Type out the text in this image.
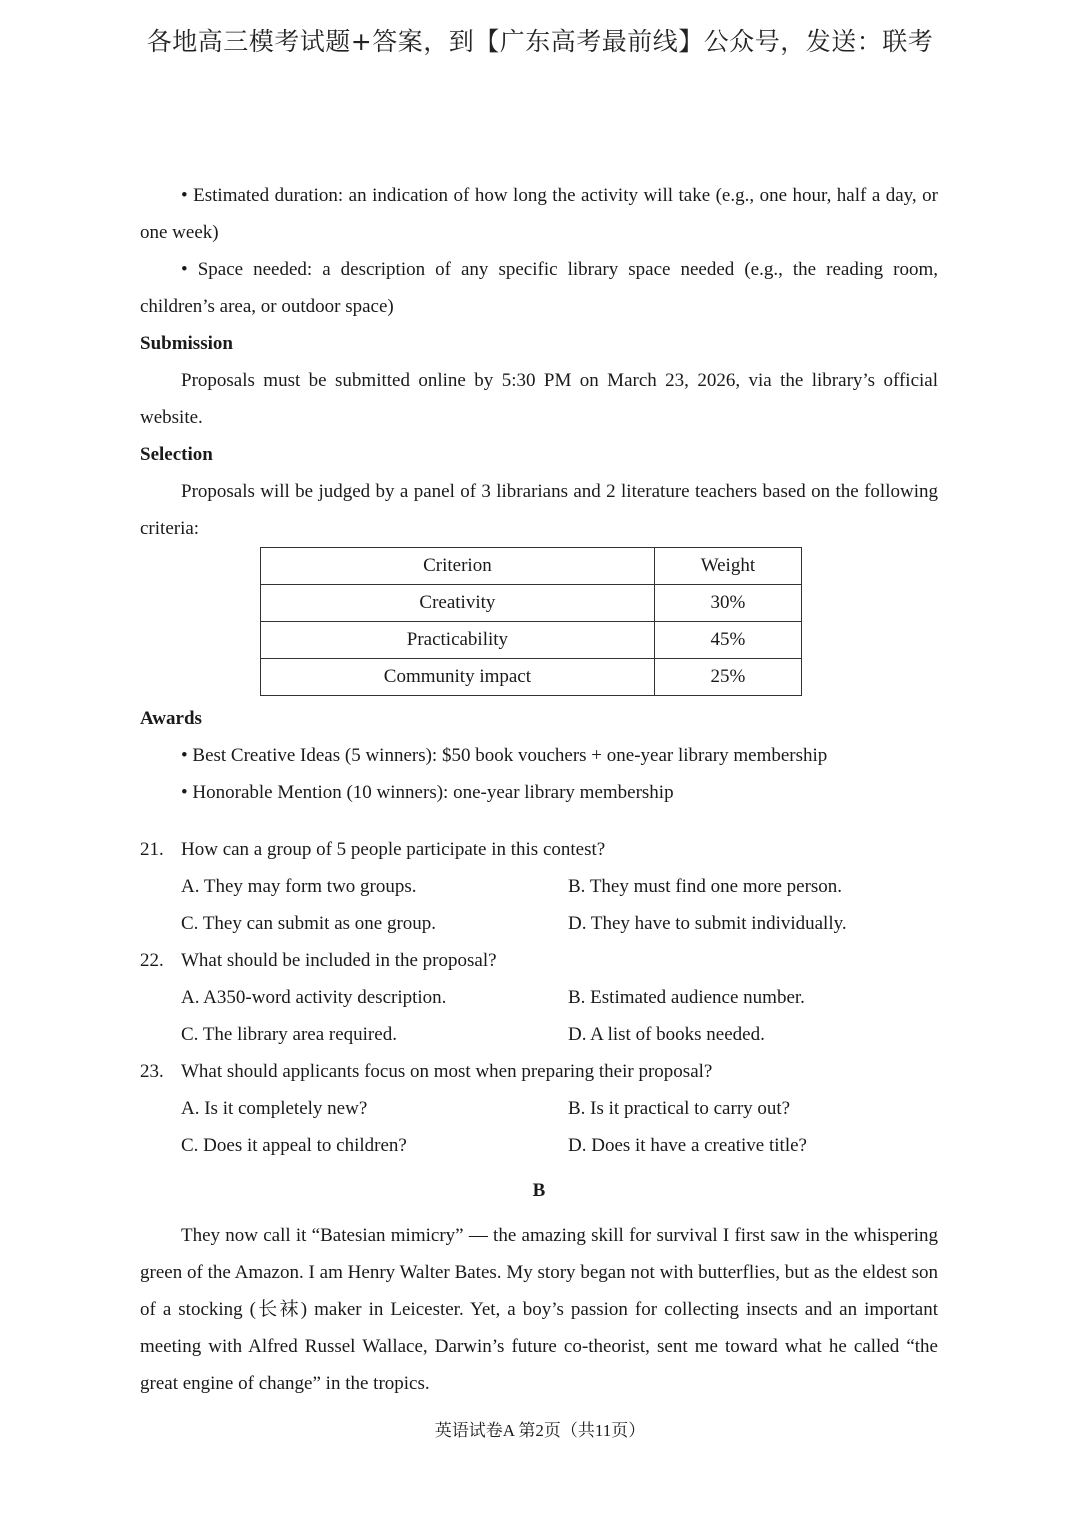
各地高三模考试题+答案，到【广东高考最前线】公众号，发送：联考

• Estimated duration: an indication of how long the activity will take (e.g., one hour, half a day, or one week)

• Space needed: a description of any specific library space needed (e.g., the reading room, children’s area, or outdoor space)

Submission

Proposals must be submitted online by 5:30 PM on March 23, 2026, via the library’s official website.

Selection

Proposals will be judged by a panel of 3 librarians and 2 literature teachers based on the following criteria:

Criterion	Weight
Creativity	30%
Practicability	45%
Community impact	25%

Awards

• Best Creative Ideas (5 winners): $50 book vouchers + one-year library membership

• Honorable Mention (10 winners): one-year library membership

21. How can a group of 5 people participate in this contest?

A. They may form two groups.	B. They must find one more person.
C. They can submit as one group.	D. They have to submit individually.

22. What should be included in the proposal?

A. A350-word activity description.	B. Estimated audience number.
C. The library area required.	D. A list of books needed.

23. What should applicants focus on most when preparing their proposal?

A. Is it completely new?	B. Is it practical to carry out?
C. Does it appeal to children?	D. Does it have a creative title?

B

They now call it “Batesian mimicry” — the amazing skill for survival I first saw in the whispering green of the Amazon. I am Henry Walter Bates. My story began not with butterflies, but as the eldest son of a stocking (长袜) maker in Leicester. Yet, a boy’s passion for collecting insects and an important meeting with Alfred Russel Wallace, Darwin’s future co-theorist, sent me toward what he called “the great engine of change” in the tropics.

英语试卷A 第2页（共11页）
